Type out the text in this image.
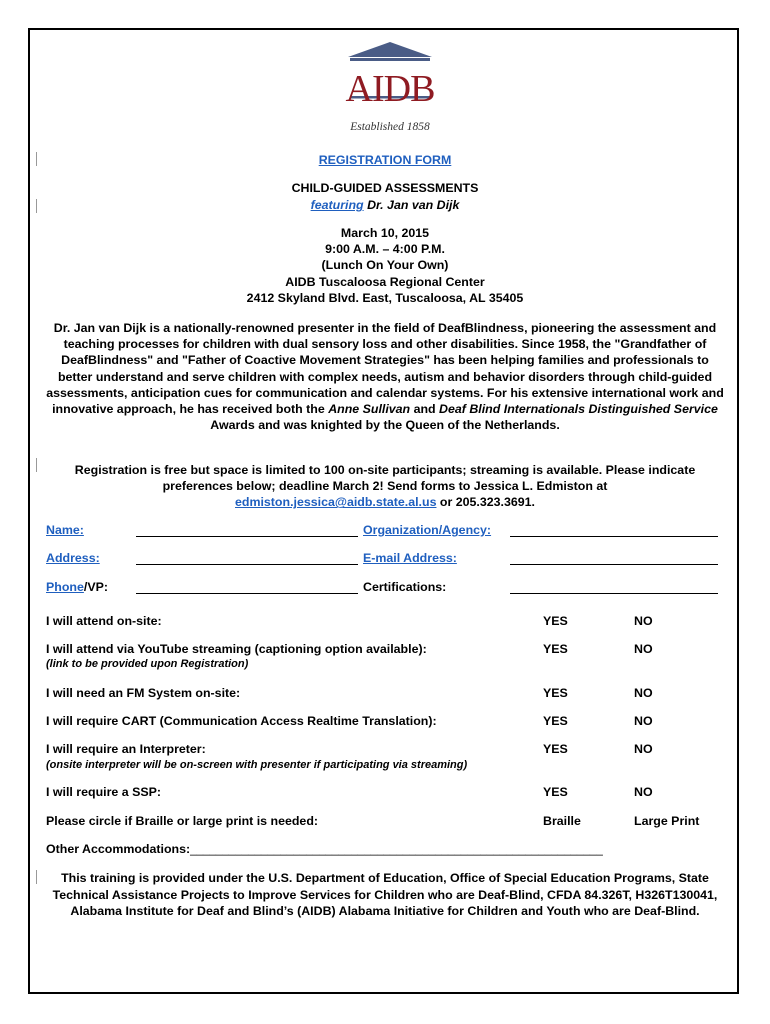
AIDB
Established 1858
REGISTRATION FORM
CHILD-GUIDED ASSESSMENTS
featuring Dr. Jan van Dijk
March 10, 2015
9:00 A.M. – 4:00 P.M.
(Lunch On Your Own)
AIDB Tuscaloosa Regional Center
2412 Skyland Blvd. East, Tuscaloosa, AL 35405
Dr. Jan van Dijk is a nationally-renowned presenter in the field of DeafBlindness, pioneering the assessment and teaching processes for children with dual sensory loss and other disabilities. Since 1958, the "Grandfather of DeafBlindness" and "Father of Coactive Movement Strategies" has been helping families and professionals to better understand and serve children with complex needs, autism and behavior disorders through child-guided assessments, anticipation cues for communication and calendar systems. For his extensive international work and innovative approach, he has received both the Anne Sullivan and Deaf Blind Internationals Distinguished Service Awards and was knighted by the Queen of the Netherlands.
Registration is free but space is limited to 100 on-site participants; streaming is available. Please indicate preferences below; deadline March 2! Send forms to Jessica L. Edmiston at
edmiston.jessica@aidb.state.al.us or 205.323.3691.
Name:	Organization/Agency:
Address:	E-mail Address:
Phone/VP:	Certifications:
I will attend on-site:	YES	NO
I will attend via YouTube streaming (captioning option available):
(link to be provided upon Registration)
YES	NO
I will need an FM System on-site:	YES	NO
I will require CART (Communication Access Realtime Translation):	YES	NO
I will require an Interpreter:
(onsite interpreter will be on-screen with presenter if participating via streaming)
YES	NO
I will require a SSP:	YES	NO
Please circle if Braille or large print is needed:	Braille	Large Print
Other Accommodations:________________________________________________________________
This training is provided under the U.S. Department of Education, Office of Special Education Programs, State Technical Assistance Projects to Improve Services for Children who are Deaf-Blind, CFDA 84.326T, H326T130041, Alabama Institute for Deaf and Blind’s (AIDB) Alabama Initiative for Children and Youth who are Deaf-Blind.
